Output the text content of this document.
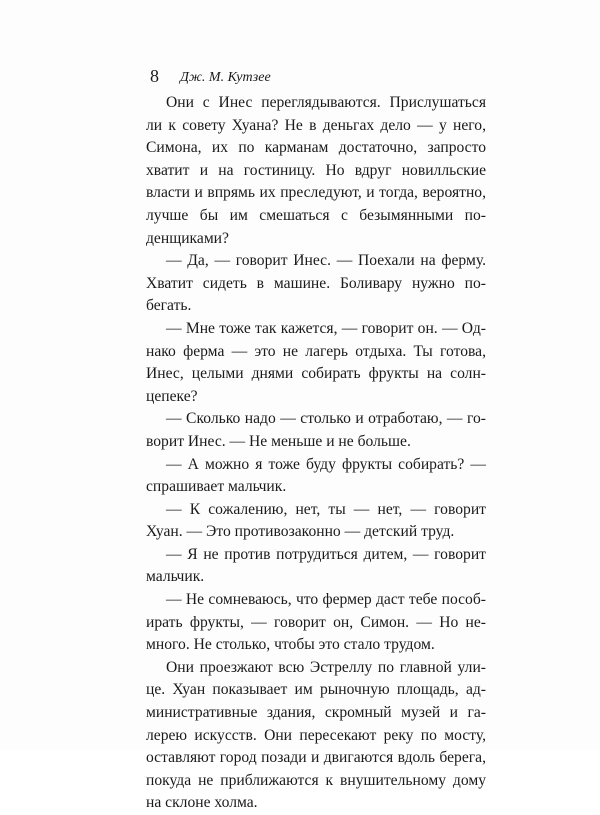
8 Дж. М. Кутзее

Они с Инес переглядываются. Прислушаться ли к совету Хуана? Не в деньгах дело — у него, Симона, их по карманам достаточно, запросто хватит и на гостиницу. Но вдруг новилльские власти и впрямь их преследуют, и тогда, вероятно, лучше бы им смешаться с безымянными поденщиками?

— Да, — говорит Инес. — Поехали на ферму. Хватит сидеть в машине. Боливару нужно побегать.

— Мне тоже так кажется, — говорит он. — Однако ферма — это не лагерь отдыха. Ты готова, Инес, целыми днями собирать фрукты на солнцепеке?

— Сколько надо — столько и отработаю, — говорит Инес. — Не меньше и не больше.

— А можно я тоже буду фрукты собирать? — спрашивает мальчик.

— К сожалению, нет, ты — нет, — говорит Хуан. — Это противозаконно — детский труд.

— Я не против потрудиться дитем, — говорит мальчик.

— Не сомневаюсь, что фермер даст тебе пособирать фрукты, — говорит он, Симон. — Но немного. Не столько, чтобы это стало трудом.

Они проезжают всю Эстреллу по главной улице. Хуан показывает им рыночную площадь, административные здания, скромный музей и галерею искусств. Они пересекают реку по мосту, оставляют город позади и двигаются вдоль берега, покуда не приближаются к внушительному дому на склоне холма.
